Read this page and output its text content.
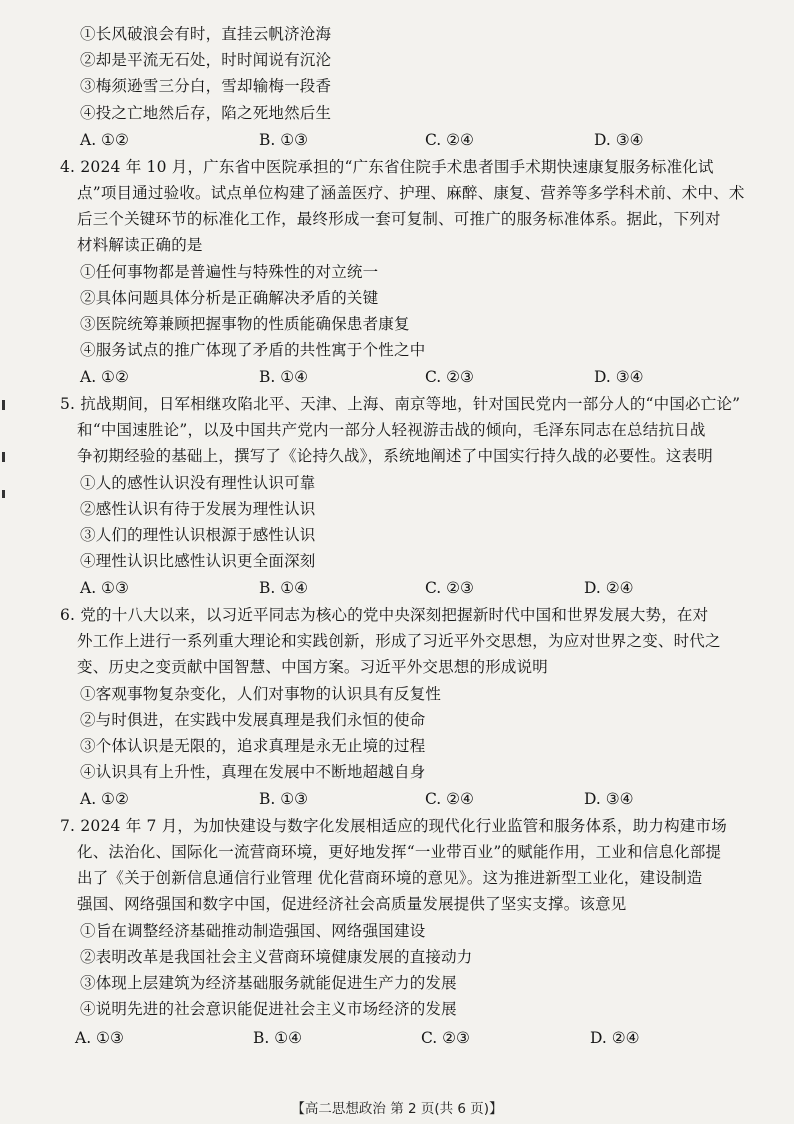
①长风破浪会有时，直挂云帆济沧海
②却是平流无石处，时时闻说有沉沦
③梅须逊雪三分白，雪却输梅一段香
④投之亡地然后存，陷之死地然后生
A. ①②	B. ①③	C. ②④	D. ③④
4. 2024 年 10 月，广东省中医院承担的“广东省住院手术患者围手术期快速康复服务标准化试
点”项目通过验收。试点单位构建了涵盖医疗、护理、麻醉、康复、营养等多学科术前、术中、术
后三个关键环节的标准化工作，最终形成一套可复制、可推广的服务标准体系。据此，下列对
材料解读正确的是
①任何事物都是普遍性与特殊性的对立统一
②具体问题具体分析是正确解决矛盾的关键
③医院统筹兼顾把握事物的性质能确保患者康复
④服务试点的推广体现了矛盾的共性寓于个性之中
A. ①②	B. ①④	C. ②③	D. ③④
5. 抗战期间，日军相继攻陷北平、天津、上海、南京等地，针对国民党内一部分人的“中国必亡论”
和“中国速胜论”，以及中国共产党内一部分人轻视游击战的倾向，毛泽东同志在总结抗日战
争初期经验的基础上，撰写了《论持久战》，系统地阐述了中国实行持久战的必要性。这表明
①人的感性认识没有理性认识可靠
②感性认识有待于发展为理性认识
③人们的理性认识根源于感性认识
④理性认识比感性认识更全面深刻
A. ①③	B. ①④	C. ②③	D. ②④
6. 党的十八大以来，以习近平同志为核心的党中央深刻把握新时代中国和世界发展大势，在对
外工作上进行一系列重大理论和实践创新，形成了习近平外交思想，为应对世界之变、时代之
变、历史之变贡献中国智慧、中国方案。习近平外交思想的形成说明
①客观事物复杂变化，人们对事物的认识具有反复性
②与时俱进，在实践中发展真理是我们永恒的使命
③个体认识是无限的，追求真理是永无止境的过程
④认识具有上升性，真理在发展中不断地超越自身
A. ①②	B. ①③	C. ②④	D. ③④
7. 2024 年 7 月，为加快建设与数字化发展相适应的现代化行业监管和服务体系，助力构建市场
化、法治化、国际化一流营商环境，更好地发挥“一业带百业”的赋能作用，工业和信息化部提
出了《关于创新信息通信行业管理 优化营商环境的意见》。这为推进新型工业化，建设制造
强国、网络强国和数字中国，促进经济社会高质量发展提供了坚实支撑。该意见
①旨在调整经济基础推动制造强国、网络强国建设
②表明改革是我国社会主义营商环境健康发展的直接动力
③体现上层建筑为经济基础服务就能促进生产力的发展
④说明先进的社会意识能促进社会主义市场经济的发展
A. ①③	B. ①④	C. ②③	D. ②④
【高二思想政治 第 2 页(共 6 页)】
